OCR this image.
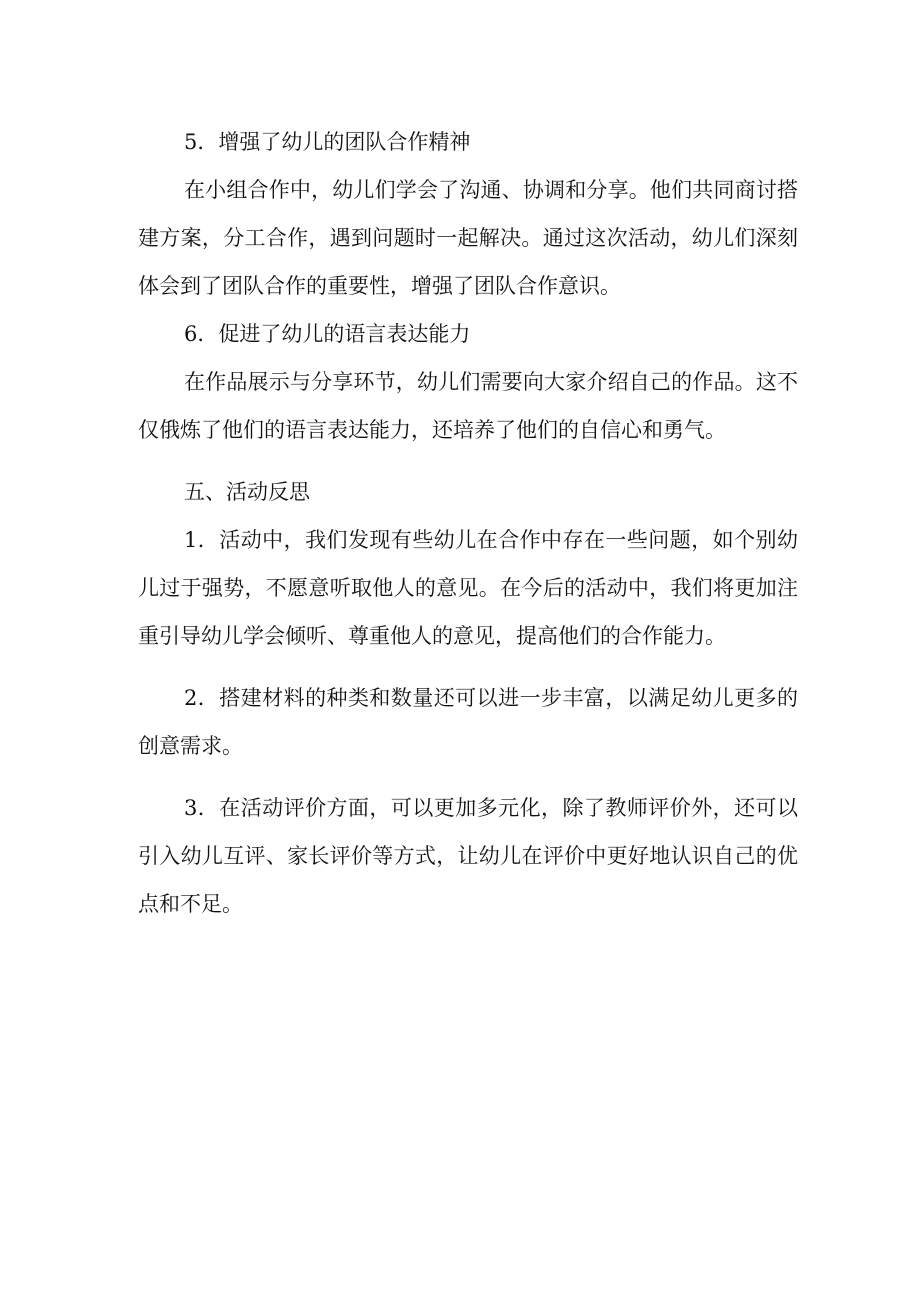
5．增强了幼儿的团队合作精神

在小组合作中，幼儿们学会了沟通、协调和分享。他们共同商讨搭建方案，分工合作，遇到问题时一起解决。通过这次活动，幼儿们深刻体会到了团队合作的重要性，增强了团队合作意识。

6．促进了幼儿的语言表达能力

在作品展示与分享环节，幼儿们需要向大家介绍自己的作品。这不仅俄炼了他们的语言表达能力，还培养了他们的自信心和勇气。

五、活动反思

1．活动中，我们发现有些幼儿在合作中存在一些问题，如个别幼儿过于强势，不愿意听取他人的意见。在今后的活动中，我们将更加注重引导幼儿学会倾听、尊重他人的意见，提高他们的合作能力。

2．搭建材料的种类和数量还可以进一步丰富，以满足幼儿更多的创意需求。

3．在活动评价方面，可以更加多元化，除了教师评价外，还可以引入幼儿互评、家长评价等方式，让幼儿在评价中更好地认识自己的优点和不足。
